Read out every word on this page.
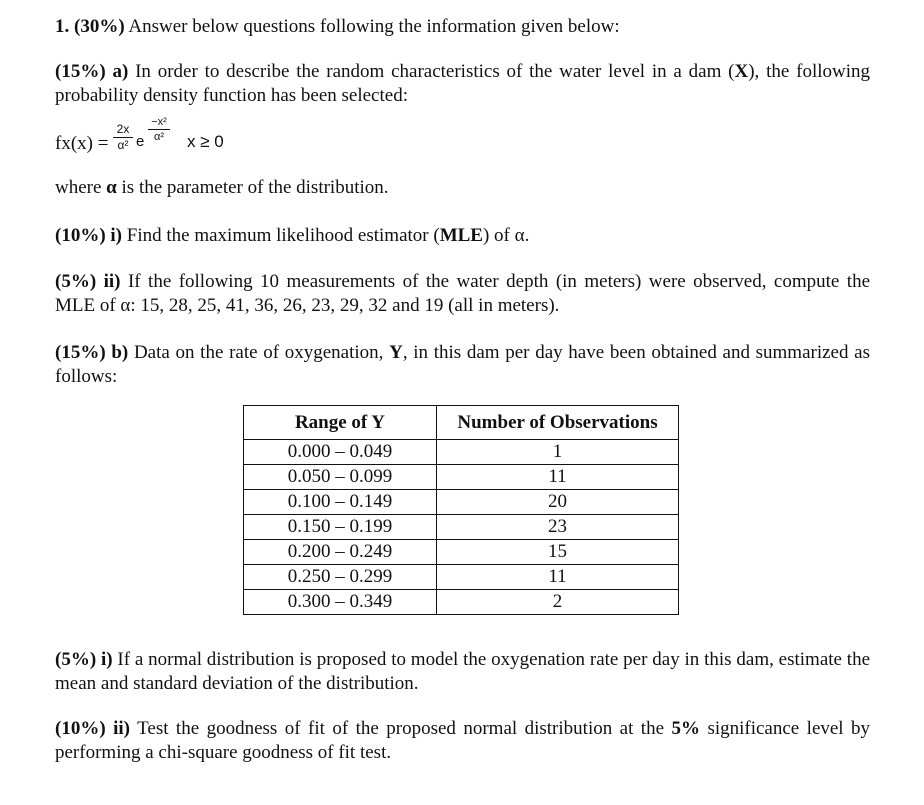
1. (30%) Answer below questions following the information given below:

(15%) a) In order to describe the random characteristics of the water level in a dam (X), the following probability density function has been selected:

fx(x) =
2x
α² e
−x²
α²	x ≥ 0

where α is the parameter of the distribution.

(10%) i) Find the maximum likelihood estimator (MLE) of α.

(5%) ii) If the following 10 measurements of the water depth (in meters) were observed, compute the MLE of α: 15, 28, 25, 41, 36, 26, 23, 29, 32 and 19 (all in meters).

(15%) b) Data on the rate of oxygenation, Y, in this dam per day have been obtained and summarized as follows:

Range of Y	Number of Observations
0.000 – 0.049	1
0.050 – 0.099	11
0.100 – 0.149	20
0.150 – 0.199	23
0.200 – 0.249	15
0.250 – 0.299	11
0.300 – 0.349	2

(5%) i) If a normal distribution is proposed to model the oxygenation rate per day in this dam, estimate the mean and standard deviation of the distribution.

(10%) ii) Test the goodness of fit of the proposed normal distribution at the 5% significance level by performing a chi-square goodness of fit test.
